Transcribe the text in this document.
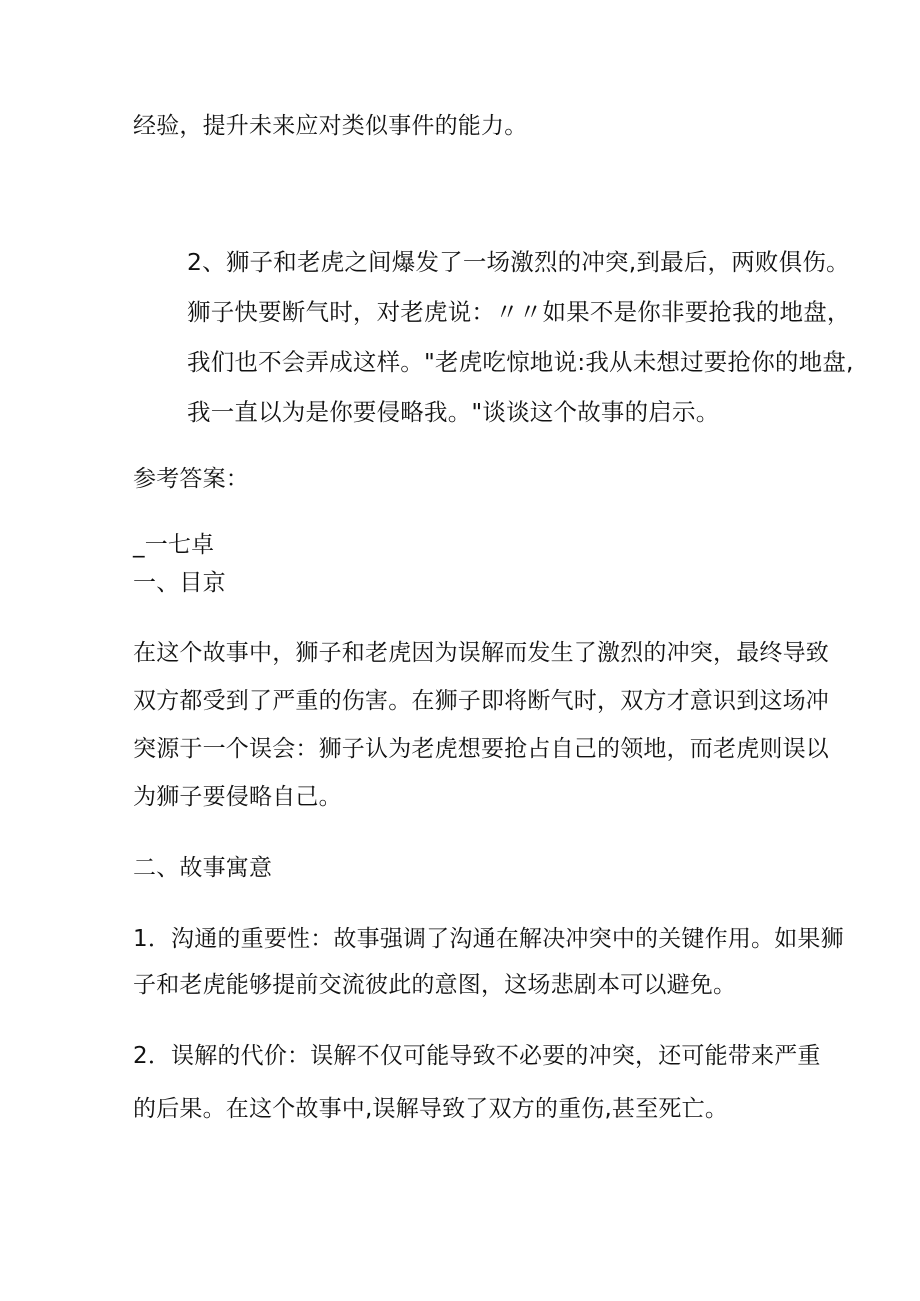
经验，提升未来应对类似事件的能力。
2、狮子和老虎之间爆发了一场激烈的冲突,到最后，两败俱伤。
狮子快要断气时，对老虎说：〃〃如果不是你非要抢我的地盘，
我们也不会弄成这样。"老虎吃惊地说:我从未想过要抢你的地盘,
我一直以为是你要侵略我。"谈谈这个故事的启示。
参考答案：
_一七卓
一、目京
在这个故事中，狮子和老虎因为误解而发生了激烈的冲突，最终导致
双方都受到了严重的伤害。在狮子即将断气时，双方才意识到这场冲
突源于一个误会：狮子认为老虎想要抢占自己的领地，而老虎则误以
为狮子要侵略自己。
二、故事寓意
1．沟通的重要性：故事强调了沟通在解决冲突中的关键作用。如果狮
子和老虎能够提前交流彼此的意图，这场悲剧本可以避免。
2．误解的代价：误解不仅可能导致不必要的冲突，还可能带来严重
的后果。在这个故事中,误解导致了双方的重伤,甚至死亡。
